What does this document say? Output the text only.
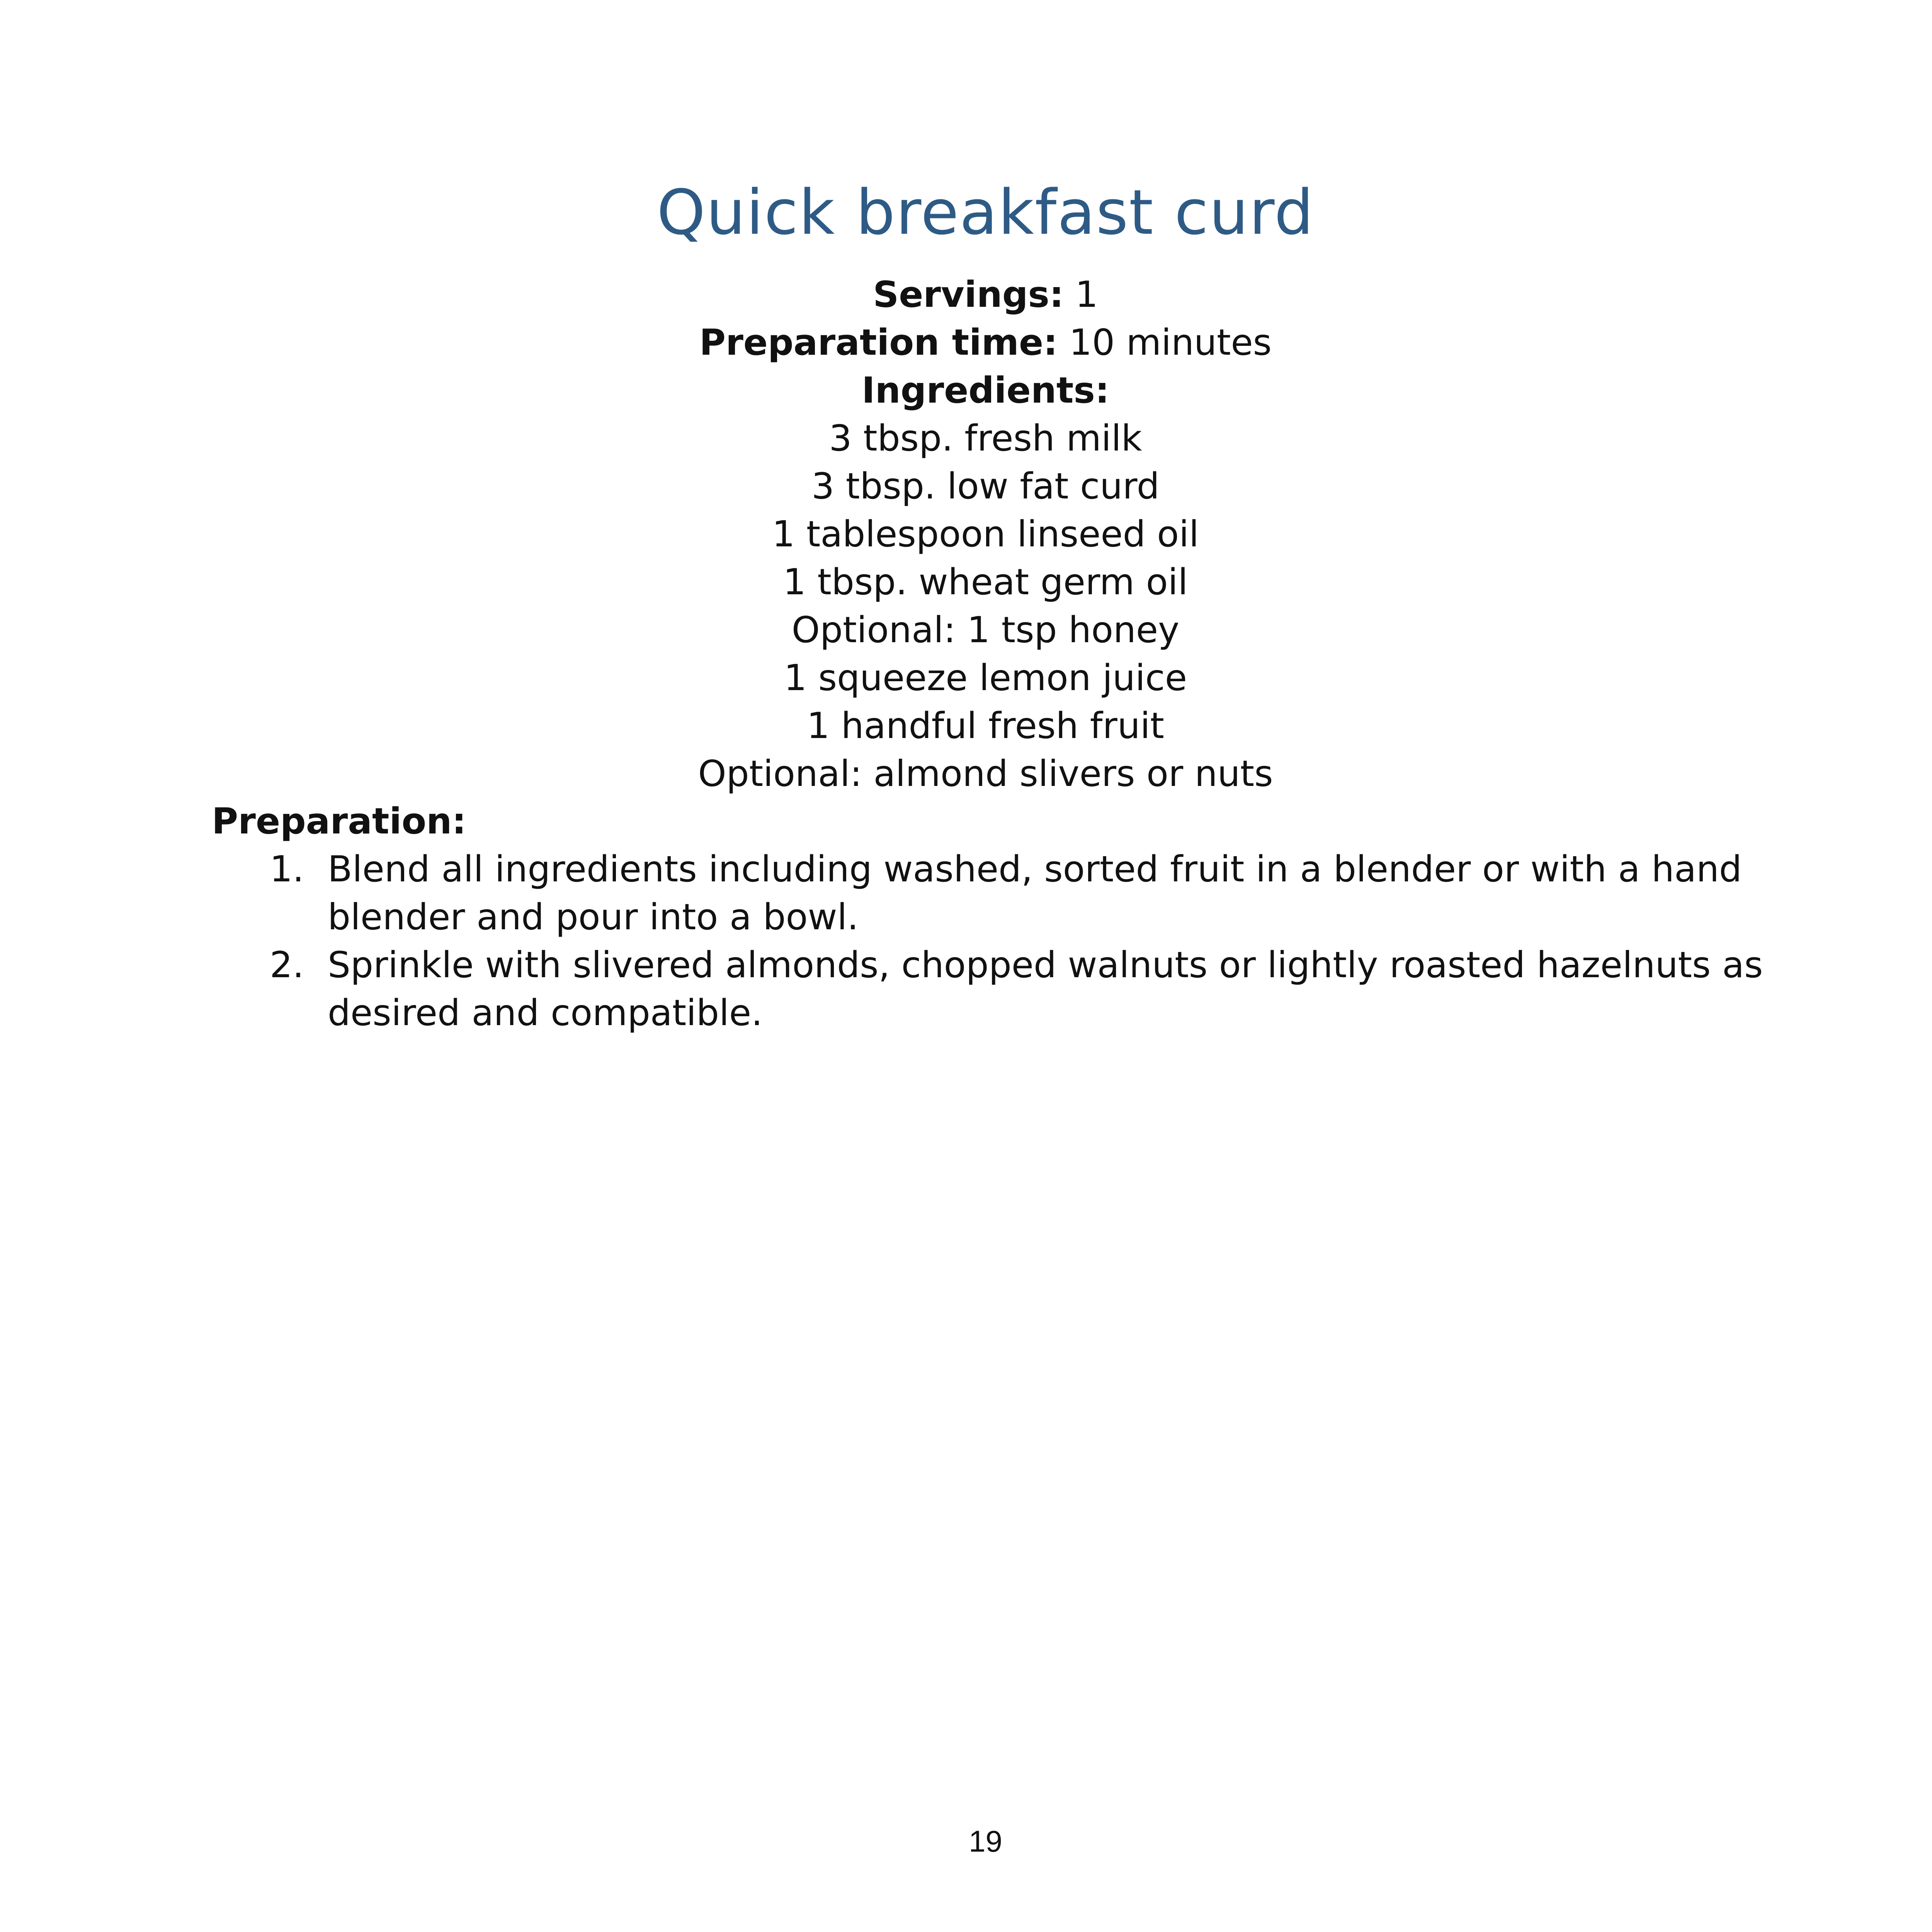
Quick breakfast curd
Servings: 1
Preparation time: 10 minutes
Ingredients:
3 tbsp. fresh milk
3 tbsp. low fat curd
1 tablespoon linseed oil
1 tbsp. wheat germ oil
Optional: 1 tsp honey
1 squeeze lemon juice
1 handful fresh fruit
Optional: almond slivers or nuts
Preparation:
1. Blend all ingredients including washed, sorted fruit in a blender or with a hand blender and pour into a bowl.
2. Sprinkle with slivered almonds, chopped walnuts or lightly roasted hazelnuts as desired and compatible.
19
